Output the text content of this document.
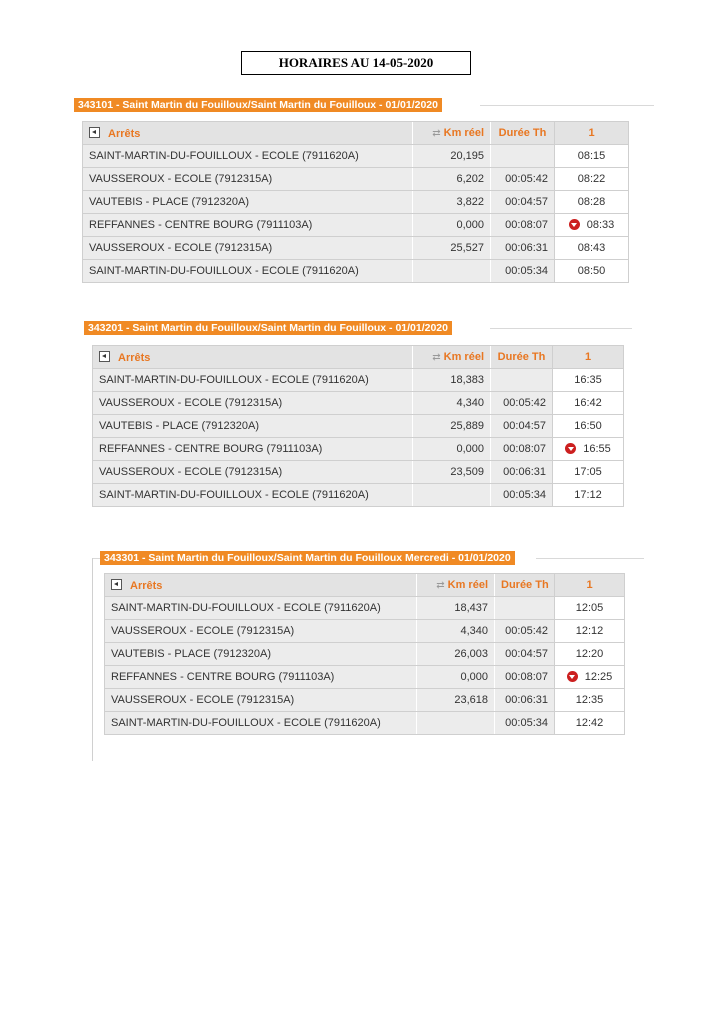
HORAIRES AU 14-05-2020
343101 - Saint Martin du Fouilloux/Saint Martin du Fouilloux - 01/01/2020
Arrêts	⇄ Km réel	Durée Th	1
SAINT-MARTIN-DU-FOUILLOUX - ECOLE (7911620A)	20,195		08:15
VAUSSEROUX - ECOLE (7912315A)	6,202	00:05:42	08:22
VAUTEBIS - PLACE (7912320A)	3,822	00:04:57	08:28
REFFANNES - CENTRE BOURG (7911103A)	0,000	00:08:07	08:33
VAUSSEROUX - ECOLE (7912315A)	25,527	00:06:31	08:43
SAINT-MARTIN-DU-FOUILLOUX - ECOLE (7911620A)		00:05:34	08:50
343201 - Saint Martin du Fouilloux/Saint Martin du Fouilloux - 01/01/2020
Arrêts	⇄ Km réel	Durée Th	1
SAINT-MARTIN-DU-FOUILLOUX - ECOLE (7911620A)	18,383		16:35
VAUSSEROUX - ECOLE (7912315A)	4,340	00:05:42	16:42
VAUTEBIS - PLACE (7912320A)	25,889	00:04:57	16:50
REFFANNES - CENTRE BOURG (7911103A)	0,000	00:08:07	16:55
VAUSSEROUX - ECOLE (7912315A)	23,509	00:06:31	17:05
SAINT-MARTIN-DU-FOUILLOUX - ECOLE (7911620A)		00:05:34	17:12
343301 - Saint Martin du Fouilloux/Saint Martin du Fouilloux Mercredi - 01/01/2020
Arrêts	⇄ Km réel	Durée Th	1
SAINT-MARTIN-DU-FOUILLOUX - ECOLE (7911620A)	18,437		12:05
VAUSSEROUX - ECOLE (7912315A)	4,340	00:05:42	12:12
VAUTEBIS - PLACE (7912320A)	26,003	00:04:57	12:20
REFFANNES - CENTRE BOURG (7911103A)	0,000	00:08:07	12:25
VAUSSEROUX - ECOLE (7912315A)	23,618	00:06:31	12:35
SAINT-MARTIN-DU-FOUILLOUX - ECOLE (7911620A)		00:05:34	12:42
